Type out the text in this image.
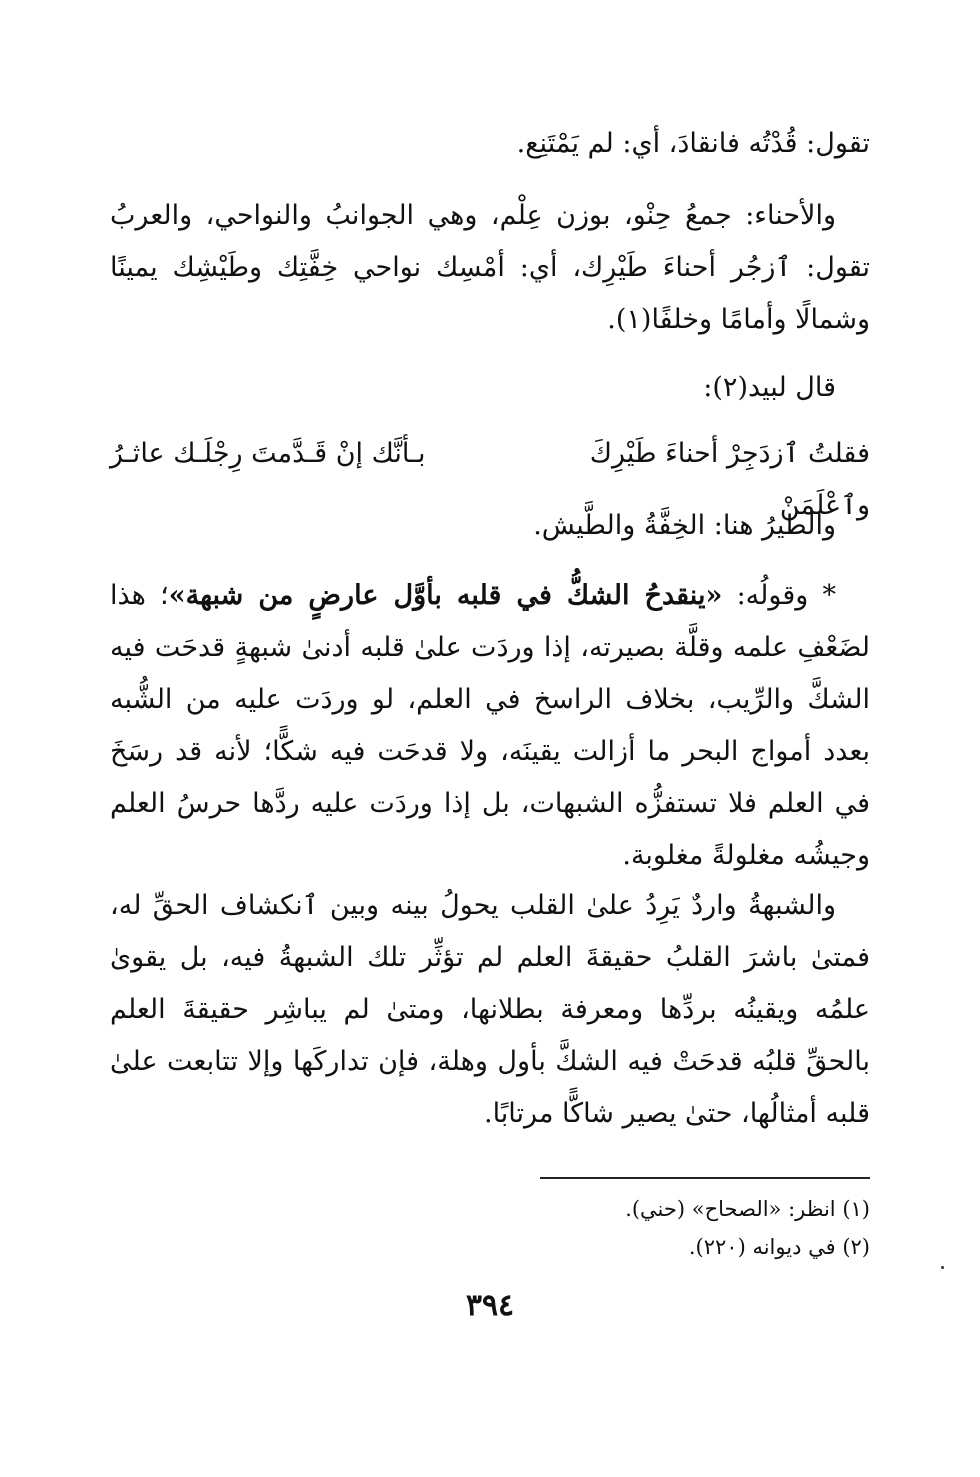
تقول: قُدْتُه فانقادَ، أي: لم يَمْتَنِع.

والأحناء: جمعُ حِنْو، بوزن عِلْم، وهي الجوانبُ والنواحي، والعربُ تقول: ٱزجُر أحناءَ طَيْرِك، أي: أمْسِك نواحي خِفَّتِك وطَيْشِك يمينًا وشمالًا وأمامًا وخلفًا(١).

قال لبيد(٢):

فقلتُ ٱزدَجِرْ أحناءَ طَيْرِكَ وٱعْلَمَنْ
بـأنَّك إنْ قَـدَّمتَ رِجْلَـك عاثـرُ

والطيرُ هنا: الخِفَّةُ والطَّيش.

* وقولُه: «ينقدحُ الشكُّ في قلبه بأوَّل عارضٍ من شبهة»؛ هذا لضَعْفِ علمه وقلَّة بصيرته، إذا وردَت علىٰ قلبه أدنىٰ شبهةٍ قدحَت فيه الشكَّ والرِّيب، بخلاف الراسخ في العلم، لو وردَت عليه من الشُّبه بعدد أمواج البحر ما أزالت يقينَه، ولا قدحَت فيه شكًّا؛ لأنه قد رسَخَ في العلم فلا تستفزُّه الشبهات، بل إذا وردَت عليه ردَّها حرسُ العلم وجيشُه مغلولةً مغلوبة.

والشبهةُ واردٌ يَرِدُ علىٰ القلب يحولُ بينه وبين ٱنكشاف الحقِّ له، فمتىٰ باشرَ القلبُ حقيقةَ العلم لم تؤثِّر تلك الشبهةُ فيه، بل يقوىٰ علمُه ويقينُه بردِّها ومعرفة بطلانها، ومتىٰ لم يباشِر حقيقةَ العلم بالحقِّ قلبُه قدحَتْ فيه الشكَّ بأول وهلة، فإن تداركَها وإلا تتابعت علىٰ قلبه أمثالُها، حتىٰ يصير شاكًّا مرتابًا.

(١) انظر: «الصحاح» (حني).
(٢) في ديوانه (٢٢٠).
٣٩٤
